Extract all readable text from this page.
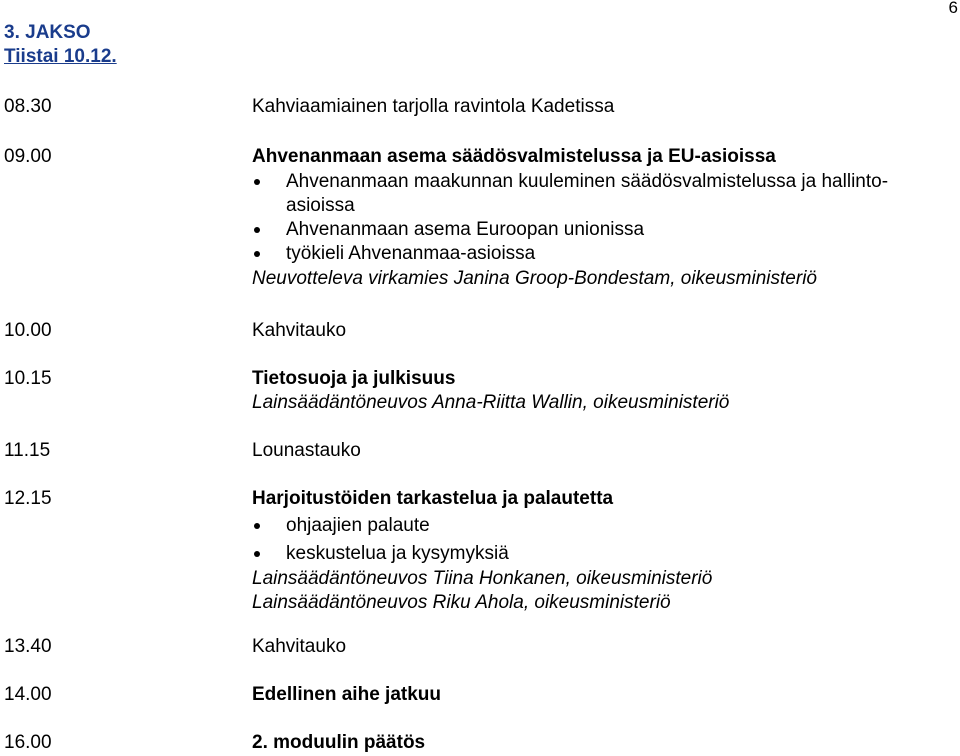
6
3. JAKSO
Tiistai 10.12.
08.30	Kahviaamiainen tarjolla ravintola Kadetissa
09.00	Ahvenanmaan asema säädösvalmistelussa ja EU-asioissa
Ahvenanmaan maakunnan kuuleminen säädösvalmistelussa ja hallinto-asioissa
Ahvenanmaan asema Euroopan unionissa
työkieli Ahvenanmaa-asioissa
Neuvotteleva virkamies Janina Groop-Bondestam, oikeusministeriö
10.00	Kahvitauko
10.15	Tietosuoja ja julkisuus
Lainsäädäntöneuvos Anna-Riitta Wallin, oikeusministeriö
11.15	Lounastauko
12.15	Harjoitustöiden tarkastelua ja palautetta
ohjaajien palaute
keskustelua ja kysymyksiä
Lainsäädäntöneuvos Tiina Honkanen, oikeusministeriö
Lainsäädäntöneuvos Riku Ahola, oikeusministeriö
13.40	Kahvitauko
14.00	Edellinen aihe jatkuu
16.00	2. moduulin päätös
